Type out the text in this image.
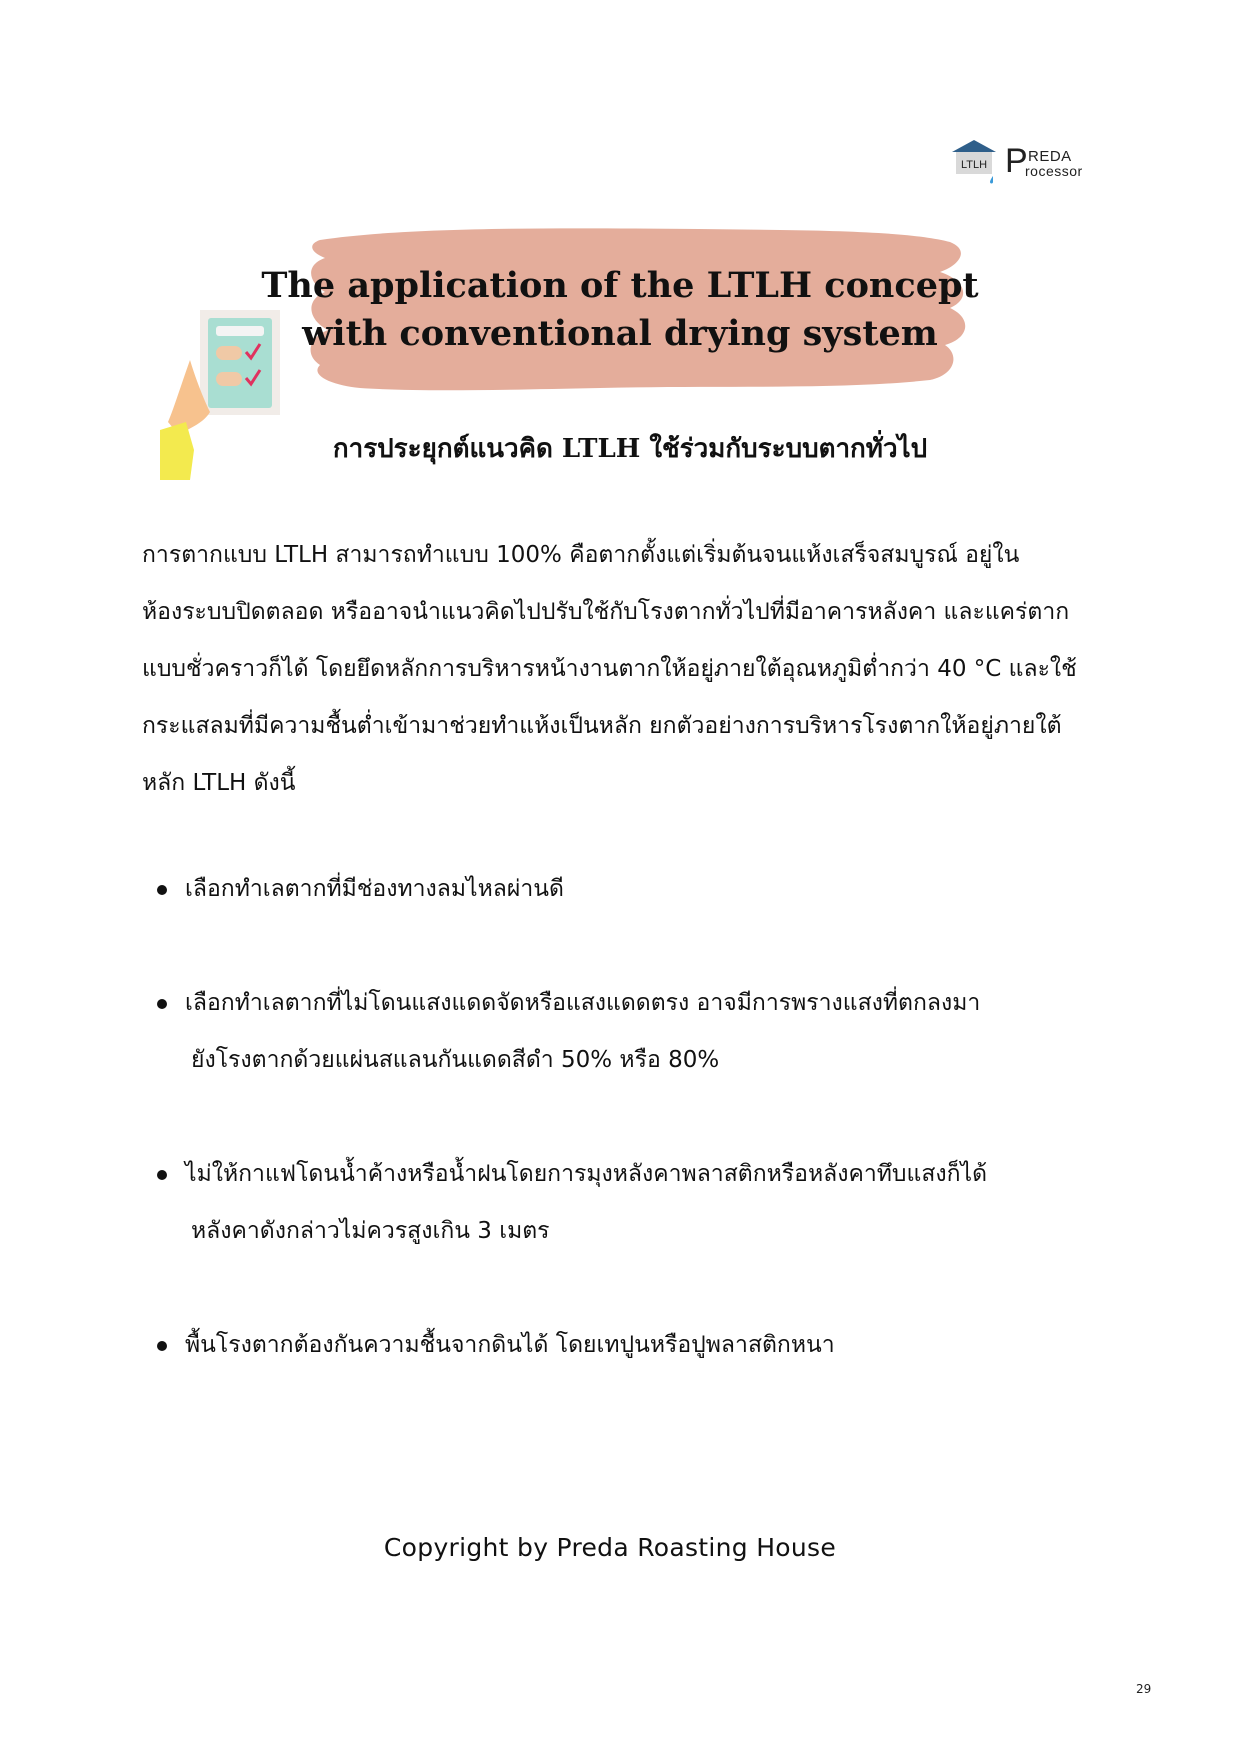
LTLH P REDA
rocessor
The application of the LTLH concept
with conventional drying system
การประยุกต์แนวคิด LTLH ใช้ร่วมกับระบบตากทั่วไป
การตากแบบ LTLH สามารถทำแบบ 100% คือตากตั้งแต่เริ่มต้นจนแห้งเสร็จสมบูรณ์ อยู่ใน
ห้องระบบปิดตลอด หรืออาจนำแนวคิดไปปรับใช้กับโรงตากทั่วไปที่มีอาคารหลังคา และแคร่ตาก
แบบชั่วคราวก็ได้ โดยยึดหลักการบริหารหน้างานตากให้อยู่ภายใต้อุณหภูมิต่ำกว่า 40 °C และใช้
กระแสลมที่มีความชื้นต่ำเข้ามาช่วยทำแห้งเป็นหลัก ยกตัวอย่างการบริหารโรงตากให้อยู่ภายใต้
หลัก LTLH ดังนี้
เลือกทำเลตากที่มีช่องทางลมไหลผ่านดี
เลือกทำเลตากที่ไม่โดนแสงแดดจัดหรือแสงแดดตรง อาจมีการพรางแสงที่ตกลงมา
ยังโรงตากด้วยแผ่นสแลนกันแดดสีดำ 50% หรือ 80%
ไม่ให้กาแฟโดนน้ำค้างหรือน้ำฝนโดยการมุงหลังคาพลาสติกหรือหลังคาทึบแสงก็ได้
หลังคาดังกล่าวไม่ควรสูงเกิน 3 เมตร
พื้นโรงตากต้องกันความชื้นจากดินได้ โดยเทปูนหรือปูพลาสติกหนา
Copyright by Preda Roasting House
29
